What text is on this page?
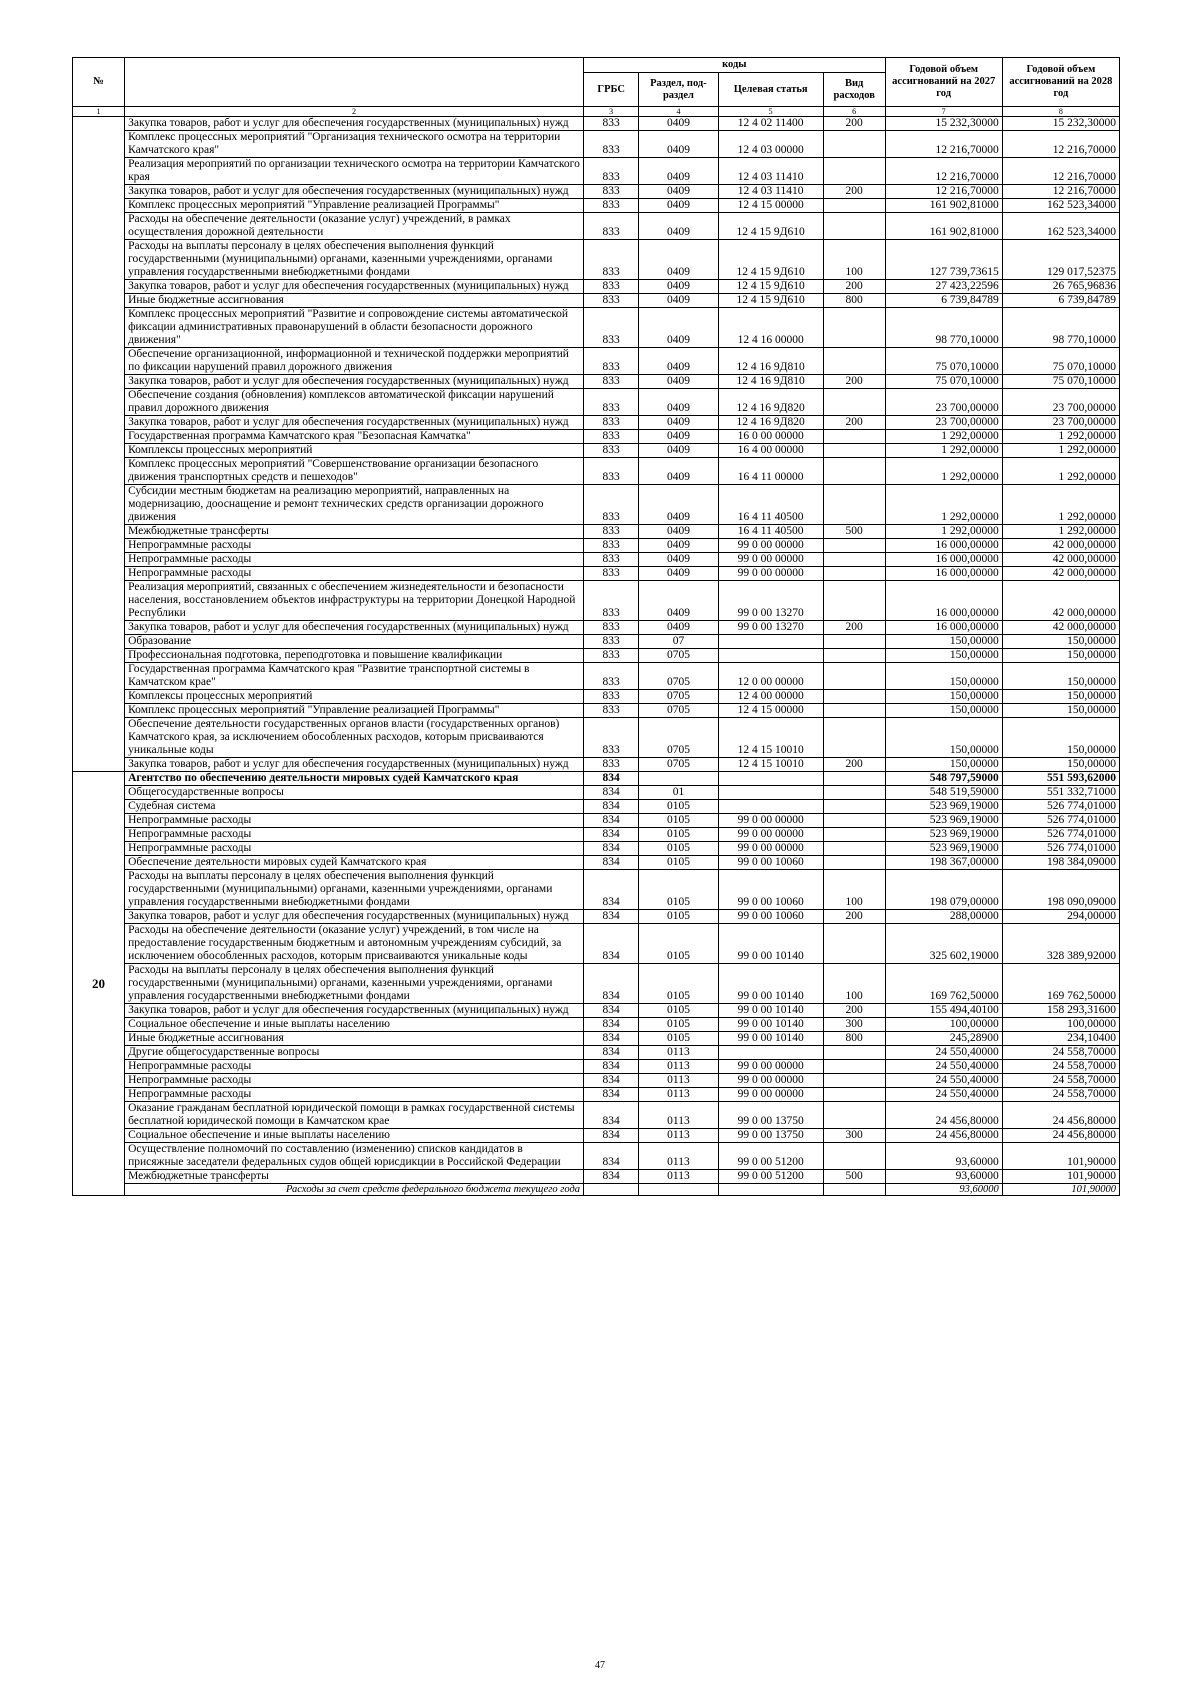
№		коды				Годовой объем ассигнований на 2027 год	Годовой объем ассигнований на 2028 год
		ГРБС	Раздел, под-раздел	Целевая статья	Вид расходов		
1	2	3	4	5	6	7	8
	Закупка товаров, работ и услуг для обеспечения государственных (муниципальных) нужд	833	0409	12 4 02 11400	200	15 232,30000	15 232,30000
	Комплекс процессных мероприятий "Организация технического осмотра на территории Камчатского края"	833	0409	12 4 03 00000		12 216,70000	12 216,70000
	Реализация мероприятий по организации технического осмотра на территории Камчатского края	833	0409	12 4 03 11410		12 216,70000	12 216,70000
	Закупка товаров, работ и услуг для обеспечения государственных (муниципальных) нужд	833	0409	12 4 03 11410	200	12 216,70000	12 216,70000
	Комплекс процессных мероприятий "Управление реализацией Программы"	833	0409	12 4 15 00000		161 902,81000	162 523,34000
	Расходы на обеспечение деятельности (оказание услуг) учреждений, в рамках осуществления дорожной деятельности	833	0409	12 4 15 9Д610		161 902,81000	162 523,34000
	Расходы на выплаты персоналу в целях обеспечения выполнения функций государственными (муниципальными) органами, казенными учреждениями, органами управления государственными внебюджетными фондами	833	0409	12 4 15 9Д610	100	127 739,73615	129 017,52375
	Закупка товаров, работ и услуг для обеспечения государственных (муниципальных) нужд	833	0409	12 4 15 9Д610	200	27 423,22596	26 765,96836
	Иные бюджетные ассигнования	833	0409	12 4 15 9Д610	800	6 739,84789	6 739,84789
	Комплекс процессных мероприятий "Развитие и сопровождение системы автоматической фиксации административных правонарушений в области безопасности дорожного движения"	833	0409	12 4 16 00000		98 770,10000	98 770,10000
	Обеспечение организационной, информационной и технической поддержки мероприятий по фиксации нарушений правил дорожного движения	833	0409	12 4 16 9Д810		75 070,10000	75 070,10000
	Закупка товаров, работ и услуг для обеспечения государственных (муниципальных) нужд	833	0409	12 4 16 9Д810	200	75 070,10000	75 070,10000
	Обеспечение создания (обновления) комплексов автоматической фиксации нарушений правил дорожного движения	833	0409	12 4 16 9Д820		23 700,00000	23 700,00000
	Закупка товаров, работ и услуг для обеспечения государственных (муниципальных) нужд	833	0409	12 4 16 9Д820	200	23 700,00000	23 700,00000
	Государственная программа Камчатского края "Безопасная Камчатка"	833	0409	16 0 00 00000		1 292,00000	1 292,00000
	Комплексы процессных мероприятий	833	0409	16 4 00 00000		1 292,00000	1 292,00000
	Комплекс процессных мероприятий "Совершенствование организации безопасного движения транспортных средств и пешеходов"	833	0409	16 4 11 00000		1 292,00000	1 292,00000
	Субсидии местным бюджетам на реализацию мероприятий, направленных на модернизацию, дооснащение и ремонт технических средств организации дорожного движения	833	0409	16 4 11 40500		1 292,00000	1 292,00000
	Межбюджетные трансферты	833	0409	16 4 11 40500	500	1 292,00000	1 292,00000
	Непрограммные расходы	833	0409	99 0 00 00000		16 000,00000	42 000,00000
	Непрограммные расходы	833	0409	99 0 00 00000		16 000,00000	42 000,00000
	Непрограммные расходы	833	0409	99 0 00 00000		16 000,00000	42 000,00000
	Реализация мероприятий, связанных с обеспечением жизнедеятельности и безопасности населения, восстановлением объектов инфраструктуры на территории Донецкой Народной Республики	833	0409	99 0 00 13270		16 000,00000	42 000,00000
	Закупка товаров, работ и услуг для обеспечения государственных (муниципальных) нужд	833	0409	99 0 00 13270	200	16 000,00000	42 000,00000
	Образование	833	07			150,00000	150,00000
	Профессиональная подготовка, переподготовка и повышение квалификации	833	0705			150,00000	150,00000
	Государственная программа Камчатского края "Развитие транспортной системы в Камчатском крае"	833	0705	12 0 00 00000		150,00000	150,00000
	Комплексы процессных мероприятий	833	0705	12 4 00 00000		150,00000	150,00000
	Комплекс процессных мероприятий "Управление реализацией Программы"	833	0705	12 4 15 00000		150,00000	150,00000
	Обеспечение деятельности государственных органов власти (государственных органов) Камчатского края, за исключением обособленных расходов, которым присваиваются уникальные коды	833	0705	12 4 15 10010		150,00000	150,00000
	Закупка товаров, работ и услуг для обеспечения государственных (муниципальных) нужд	833	0705	12 4 15 10010	200	150,00000	150,00000
20	Агентство по обеспечению деятельности мировых судей Камчатского края	834				548 797,59000	551 593,62000
	Общегосударственные вопросы	834	01			548 519,59000	551 332,71000
	Судебная система	834	0105			523 969,19000	526 774,01000
	Непрограммные расходы	834	0105	99 0 00 00000		523 969,19000	526 774,01000
	Непрограммные расходы	834	0105	99 0 00 00000		523 969,19000	526 774,01000
	Непрограммные расходы	834	0105	99 0 00 00000		523 969,19000	526 774,01000
	Обеспечение деятельности мировых судей Камчатского края	834	0105	99 0 00 10060		198 367,00000	198 384,09000
	Расходы на выплаты персоналу в целях обеспечения выполнения функций государственными (муниципальными) органами, казенными учреждениями, органами управления государственными внебюджетными фондами	834	0105	99 0 00 10060	100	198 079,00000	198 090,09000
	Закупка товаров, работ и услуг для обеспечения государственных (муниципальных) нужд	834	0105	99 0 00 10060	200	288,00000	294,00000
	Расходы на обеспечение деятельности (оказание услуг) учреждений, в том числе на предоставление государственным бюджетным и автономным учреждениям субсидий, за исключением обособленных расходов, которым присваиваются уникальные коды	834	0105	99 0 00 10140		325 602,19000	328 389,92000
	Расходы на выплаты персоналу в целях обеспечения выполнения функций государственными (муниципальными) органами, казенными учреждениями, органами управления государственными внебюджетными фондами	834	0105	99 0 00 10140	100	169 762,50000	169 762,50000
	Закупка товаров, работ и услуг для обеспечения государственных (муниципальных) нужд	834	0105	99 0 00 10140	200	155 494,40100	158 293,31600
	Социальное обеспечение и иные выплаты населению	834	0105	99 0 00 10140	300	100,00000	100,00000
	Иные бюджетные ассигнования	834	0105	99 0 00 10140	800	245,28900	234,10400
	Другие общегосударственные вопросы	834	0113			24 550,40000	24 558,70000
	Непрограммные расходы	834	0113	99 0 00 00000		24 550,40000	24 558,70000
	Непрограммные расходы	834	0113	99 0 00 00000		24 550,40000	24 558,70000
	Непрограммные расходы	834	0113	99 0 00 00000		24 550,40000	24 558,70000
	Оказание гражданам бесплатной юридической помощи в рамках государственной системы бесплатной юридической помощи в Камчатском крае	834	0113	99 0 00 13750		24 456,80000	24 456,80000
	Социальное обеспечение и иные выплаты населению	834	0113	99 0 00 13750	300	24 456,80000	24 456,80000
	Осуществление полномочий по составлению (изменению) списков кандидатов в присяжные заседатели федеральных судов общей юрисдикции в Российской Федерации	834	0113	99 0 00 51200		93,60000	101,90000
	Межбюджетные трансферты	834	0113	99 0 00 51200	500	93,60000	101,90000
	Расходы за счет средств федерального бюджета текущего года					93,60000	101,90000
47
